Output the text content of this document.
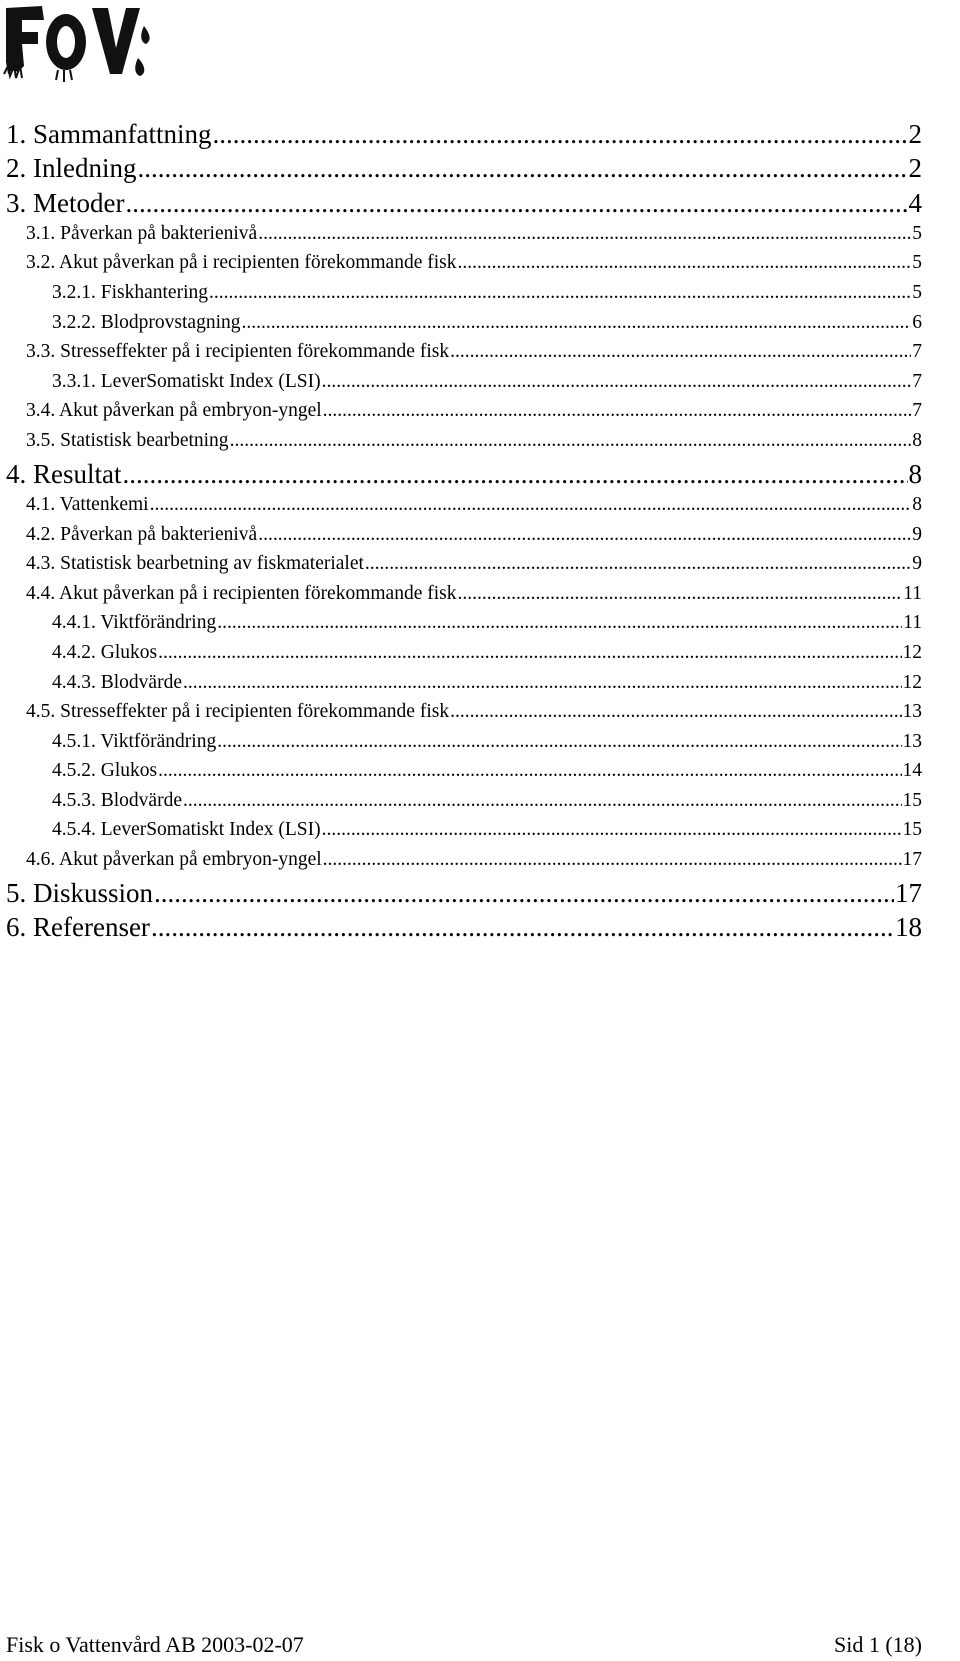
1. Sammanfattning .....	2
2. Inledning .....	2
3. Metoder .....	4
3.1. Påverkan på bakterienivå .....	5
3.2. Akut påverkan på i recipienten förekommande fisk .....	5
3.2.1. Fiskhantering .....	5
3.2.2. Blodprovstagning .....	6
3.3. Stresseffekter på i recipienten förekommande fisk .....	7
3.3.1. LeverSomatiskt Index (LSI) .....	7
3.4. Akut påverkan på embryon-yngel .....	7
3.5. Statistisk bearbetning .....	8
4. Resultat .....	8
4.1. Vattenkemi .....	8
4.2. Påverkan på bakterienivå .....	9
4.3. Statistisk bearbetning av fiskmaterialet .....	9
4.4. Akut påverkan på i recipienten förekommande fisk .....	11
4.4.1. Viktförändring .....	11
4.4.2. Glukos .....	12
4.4.3. Blodvärde .....	12
4.5. Stresseffekter på i recipienten förekommande fisk .....	13
4.5.1. Viktförändring .....	13
4.5.2. Glukos .....	14
4.5.3. Blodvärde .....	15
4.5.4. LeverSomatiskt Index (LSI) .....	15
4.6. Akut påverkan på embryon-yngel .....	17
5. Diskussion .....	17
6. Referenser .....	18
Fisk o Vattenvård AB 2003-02-07	Sid 1 (18)
